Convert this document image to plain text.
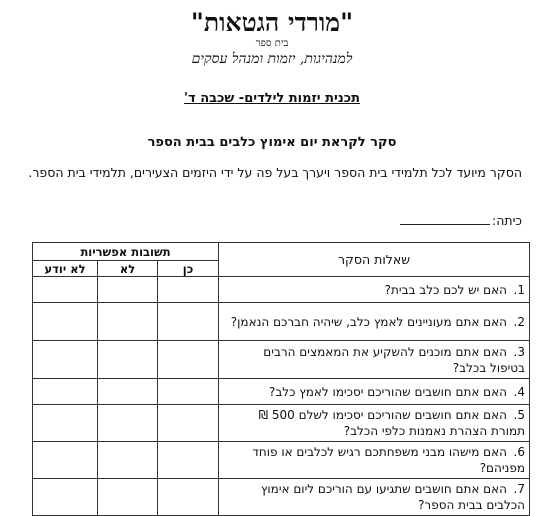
"מורדי הגטאות"
בית ספר
למנהיגות, יזמות ומנהל עסקים
תכנית יזמות לילדים- שכבה ד'
סקר לקראת יום אימוץ כלבים בבית הספר
הסקר מיועד לכל תלמידי בית הספר ויערך בעל פה על ידי היזמים הצעירים, תלמידי בית הספר.
כיתה:
שאלות הסקר	תשובות אפשריות		
	כן	לא	לא יודע
1.האם יש לכם כלב בבית?			
2.האם אתם מעוניינים לאמץ כלב, שיהיה חברכם הנאמן?			
3.האם אתם מוכנים להשקיע את המאמצים הרבים בטיפול בכלב?			
4.האם אתם חושבים שהוריכם יסכימו לאמץ כלב?			
5.האם אתם חושבים שהוריכם יסכימו לשלם 500 ₪ תמורת הצהרת נאמנות כלפי הכלב?			
6.האם מישהו מבני משפחתכם רגיש לכלבים או פוחד מפניהם?			
7.האם אתם חושבים שתגיעו עם הוריכם ליום אימוץ הכלבים בבית הספר?			
